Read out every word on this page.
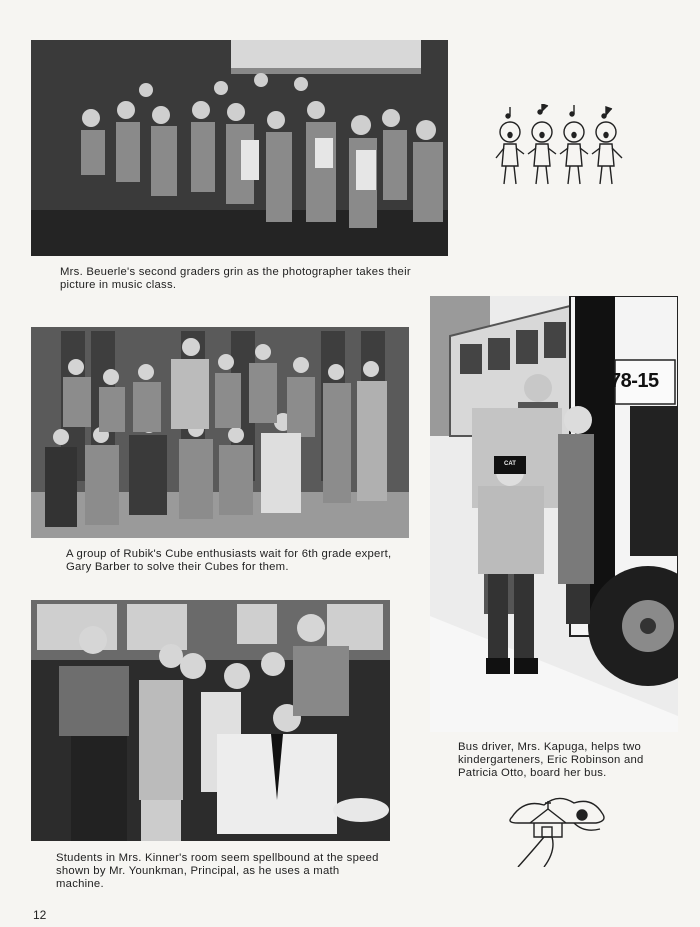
Mrs. Beuerle's second graders grin as the photographer takes their picture in music class.

A group of Rubik's Cube enthusiasts wait for 6th grade expert, Gary Barber to solve their Cubes for them.

78-15
CAT

Bus driver, Mrs. Kapuga, helps two kindergarteners, Eric Robinson and Patricia Otto, board her bus.

Students in Mrs. Kinner's room seem spellbound at the speed shown by Mr. Younkman, Principal, as he uses a math machine.

12
